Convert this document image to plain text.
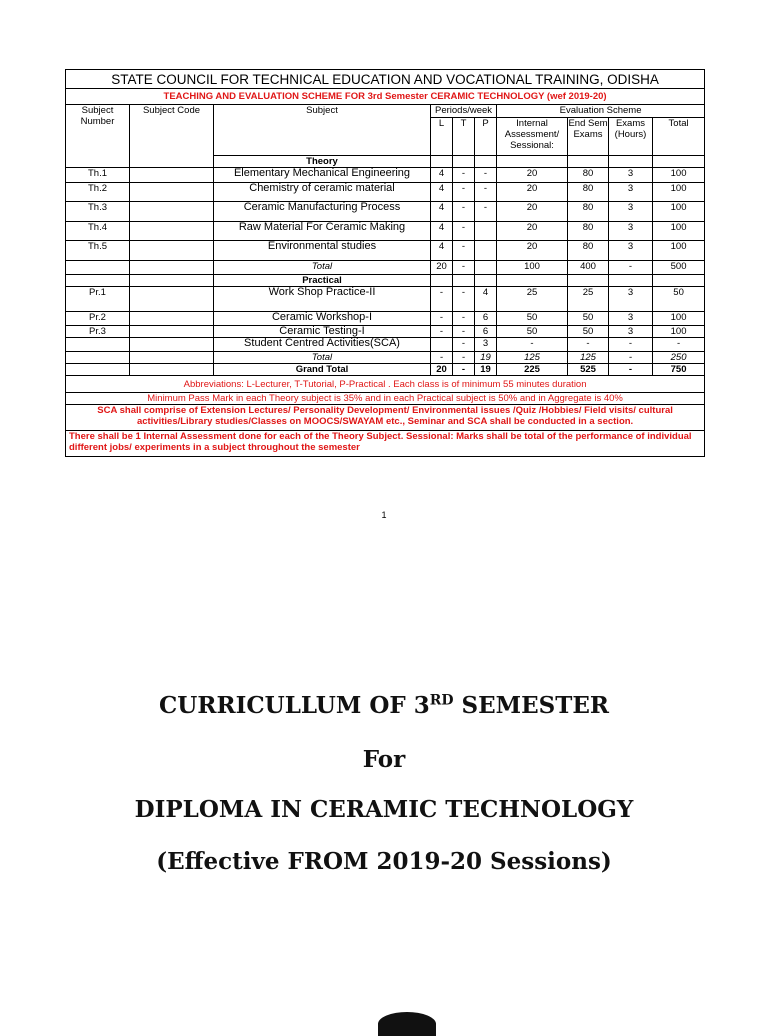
STATE COUNCIL FOR TECHNICAL EDUCATION AND VOCATIONAL TRAINING, ODISHA									
TEACHING AND EVALUATION SCHEME FOR 3rd Semester CERAMIC TECHNOLOGY (wef 2019-20)									
Subject Number	Subject Code	Subject	Periods/week			Evaluation Scheme			
			L	T	P	Internal Assessment/ Sessional:	End Sem Exams	Exams (Hours)	Total
		Theory							
Th.1		Elementary Mechanical Engineering	4	-	-	20	80	3	100
Th.2		Chemistry of ceramic material	4	-	-	20	80	3	100
Th.3		Ceramic Manufacturing Process	4	-	-	20	80	3	100
Th.4		Raw Material For Ceramic Making	4	-		20	80	3	100
Th.5		Environmental studies	4	-		20	80	3	100
		Total	20	-		100	400	-	500
		Practical							
Pr.1		Work Shop Practice-II	-	-	4	25	25	3	50
Pr.2		Ceramic Workshop-I	-	-	6	50	50	3	100
Pr.3		Ceramic Testing-I	-	-	6	50	50	3	100
		Student Centred Activities(SCA)		-	3	-	-	-	-
		Total	-	-	19	125	125	-	250
		Grand Total	20	-	19	225	525	-	750
Abbreviations: L-Lecturer, T-Tutorial, P-Practical . Each class is of minimum 55 minutes duration									
Minimum Pass Mark in each Theory subject is 35% and in each Practical subject is 50% and in Aggregate is 40%									
SCA shall comprise of Extension Lectures/ Personality Development/ Environmental issues /Quiz /Hobbies/ Field visits/ cultural activities/Library studies/Classes on MOOCS/SWAYAM etc., Seminar and SCA shall be conducted in a section.									
There shall be 1 Internal Assessment done for each of the Theory Subject. Sessional: Marks shall be total of the performance of individual different jobs/ experiments in a subject throughout the semester									
1
CURRICULLUM OF 3RD SEMESTER
For
DIPLOMA IN CERAMIC TECHNOLOGY
(Effective FROM 2019-20 Sessions)
